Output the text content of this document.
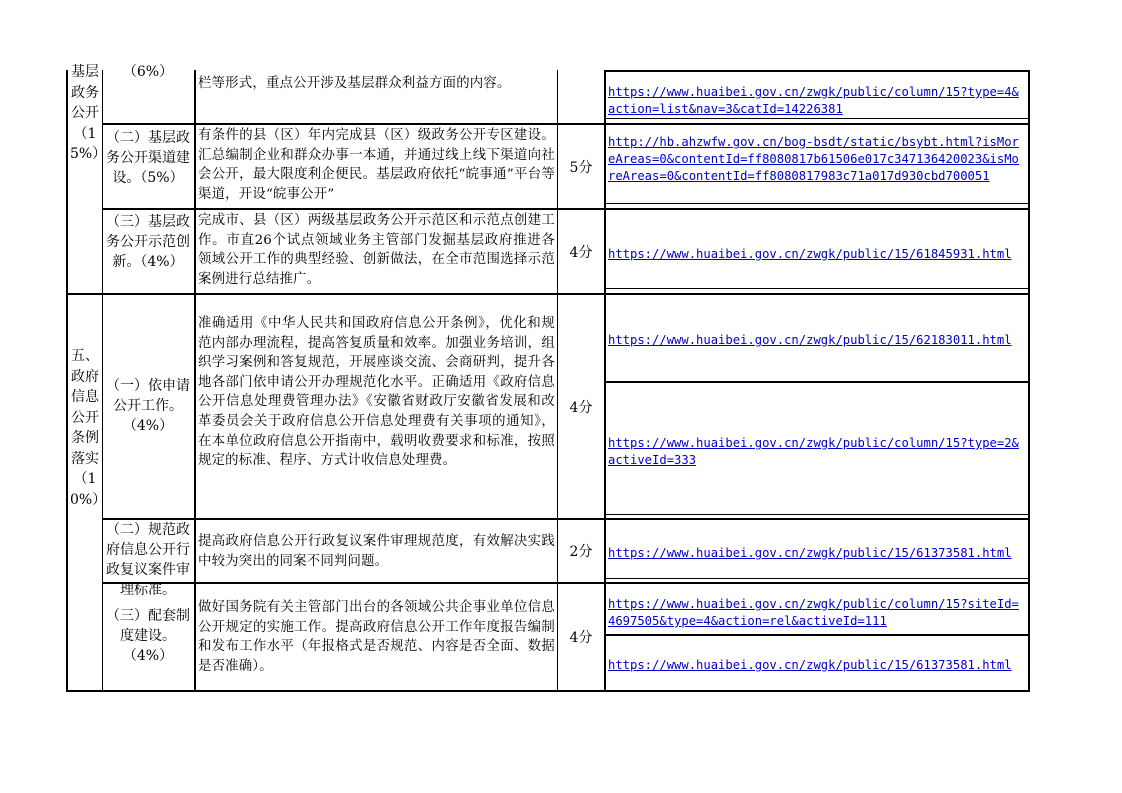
基层政务公开（15%）
（6%）
栏等形式，重点公开涉及基层群众利益方面的内容。
https://www.huaibei.gov.cn/zwgk/public/column/15?type=4&action=list&nav=3&catId=14226381
（二）基层政务公开渠道建设。（5%）
有条件的县（区）年内完成县（区）级政务公开专区建设。汇总编制企业和群众办事一本通，并通过线上线下渠道向社会公开，最大限度利企便民。基层政府依托“皖事通”平台等渠道，开设“皖事公开”
5分
http://hb.ahzwfw.gov.cn/bog-bsdt/static/bsybt.html?isMoreAreas=0&contentId=ff8080817b61506e017c347136420023&isMoreAreas=0&contentId=ff8080817983c71a017d930cbd700051
（三）基层政务公开示范创新。（4%）
完成市、县（区）两级基层政务公开示范区和示范点创建工作。市直26个试点领域业务主管部门发掘基层政府推进各领域公开工作的典型经验、创新做法，在全市范围选择示范案例进行总结推广。
4分 https://www.huaibei.gov.cn/zwgk/public/15/61845931.html
五、政府信息公开条例落实（10%）
（一）依申请公开工作。（4%）
准确适用《中华人民共和国政府信息公开条例》，优化和规范内部办理流程，提高答复质量和效率。加强业务培训，组织学习案例和答复规范，开展座谈交流、会商研判，提升各地各部门依申请公开办理规范化水平。正确适用《政府信息公开信息处理费管理办法》《安徽省财政厅安徽省发展和改革委员会关于政府信息公开信息处理费有关事项的通知》，在本单位政府信息公开指南中，载明收费要求和标准，按照规定的标准、程序、方式计收信息处理费。
4分
https://www.huaibei.gov.cn/zwgk/public/15/62183011.html
https://www.huaibei.gov.cn/zwgk/public/column/15?type=2&activeId=333
（二）规范政府信息公开行政复议案件审理标准。
提高政府信息公开行政复议案件审理规范度，有效解决实践中较为突出的同案不同判问题。
2分 https://www.huaibei.gov.cn/zwgk/public/15/61373581.html
（三）配套制度建设。（4%）
做好国务院有关主管部门出台的各领域公共企事业单位信息公开规定的实施工作。提高政府信息公开工作年度报告编制和发布工作水平（年报格式是否规范、内容是否全面、数据是否准确）。
4分
https://www.huaibei.gov.cn/zwgk/public/column/15?siteId=4697505&type=4&action=rel&activeId=111
https://www.huaibei.gov.cn/zwgk/public/15/61373581.html
